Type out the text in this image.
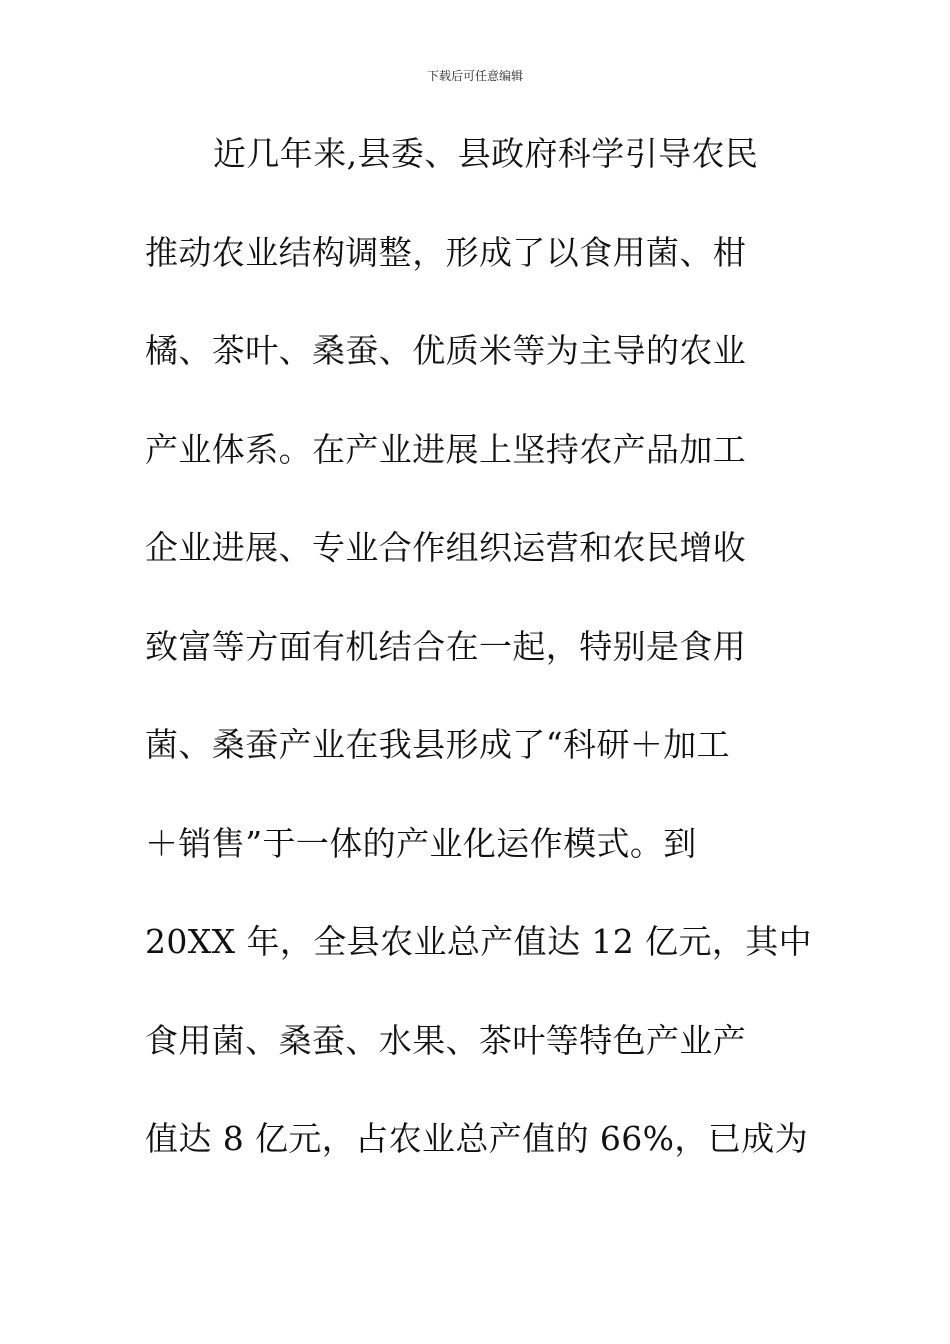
下载后可任意编辑
近几年来,县委、县政府科学引导农民
推动农业结构调整，形成了以食用菌、柑
橘、茶叶、桑蚕、优质米等为主导的农业
产业体系。在产业进展上坚持农产品加工
企业进展、专业合作组织运营和农民增收
致富等方面有机结合在一起，特别是食用
菌、桑蚕产业在我县形成了“科研＋加工
＋销售”于一体的产业化运作模式。到
20XX 年，全县农业总产值达 12 亿元，其中
食用菌、桑蚕、水果、茶叶等特色产业产
值达 8 亿元，占农业总产值的 66%，已成为
